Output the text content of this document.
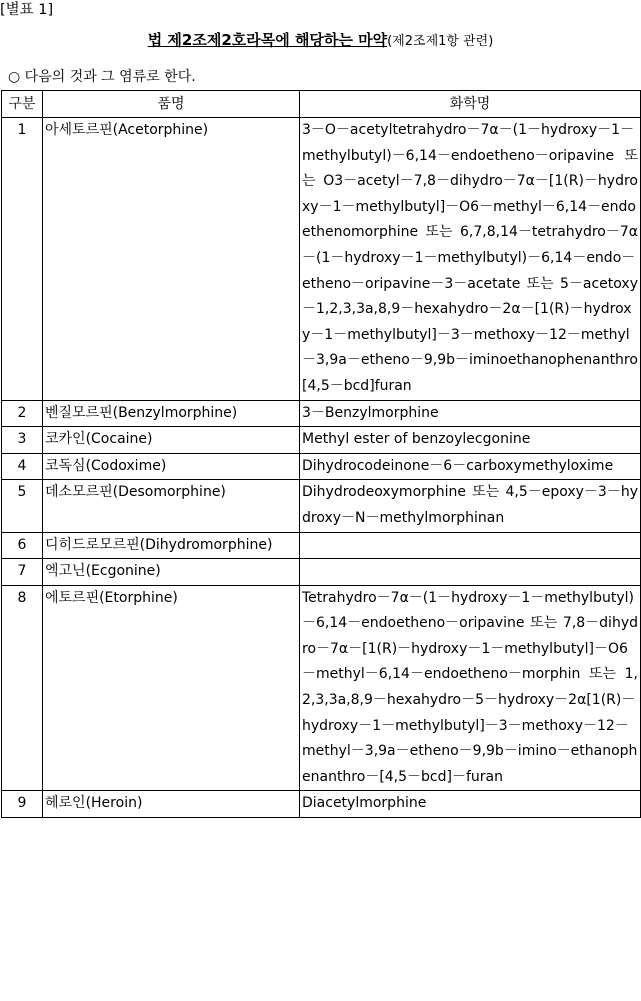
[별표 1]
법 제2조제2호라목에 해당하는 마약(제2조제1항 관련)
○ 다음의 것과 그 염류로 한다.
구분	품명	화학명
1	아세토르핀(Acetorphine)	3－O－acetyltetrahydro－7α－(1－hydroxy－1－methylbutyl)－6,14－endoetheno－oripavine 또는 O3－acetyl－7,8－dihydro－7α－[1(R)－hydroxy－1－methylbutyl]－O6－methyl－6,14－endoethenomorphine 또는 6,7,8,14－tetrahydro－7α－(1－hydroxy－1－methylbutyl)－6,14－endo－etheno－oripavine－3－acetate 또는 5－acetoxy－1,2,3,3a,8,9－hexahydro－2α－[1(R)－hydroxy－1－methylbutyl]－3－methoxy－12－methyl－3,9a－etheno－9,9b－iminoethanophenanthro[4,5－bcd]furan
2	벤질모르핀(Benzylmorphine)	3－Benzylmorphine
3	코카인(Cocaine)	Methyl ester of benzoylecgonine
4	코독심(Codoxime)	Dihydrocodeinone－6－carboxymethyloxime
5	데소모르핀(Desomorphine)	Dihydrodeoxymorphine 또는 4,5－epoxy－3－hydroxy－N－methylmorphinan
6	디히드로모르핀(Dihydromorphine)	
7	엑고닌(Ecgonine)	
8	에토르핀(Etorphine)	Tetrahydro－7α－(1－hydroxy－1－methylbutyl)－6,14－endoetheno－oripavine 또는 7,8－dihydro－7α－[1(R)－hydroxy－1－methylbutyl]－O6－methyl－6,14－endoetheno－morphin 또는 1,2,3,3a,8,9－hexahydro－5－hydroxy－2α[1(R)－hydroxy－1－methylbutyl]－3－methoxy－12－methyl－3,9a－etheno－9,9b－imino－ethanophenanthro－[4,5－bcd]－furan
9	헤로인(Heroin)	Diacetylmorphine
